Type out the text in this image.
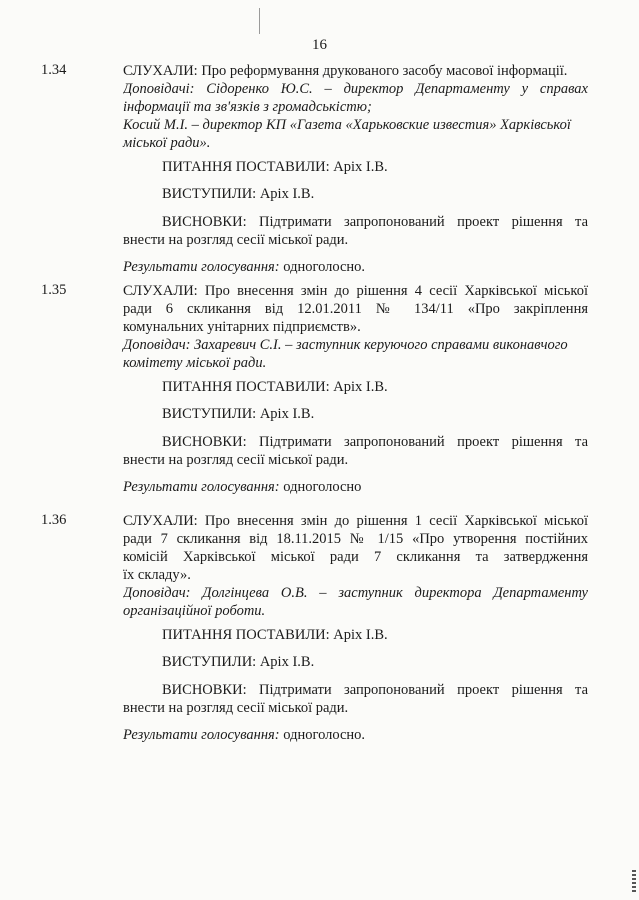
16
1.34	СЛУХАЛИ: Про реформування друкованого засобу масової інформації.
Доповідачі: Сідоренко Ю.С. – директор Департаменту у справах
інформації та зв'язків з громадськістю;
Косий М.І. – директор КП «Газета «Харьковские известия» Харківської
міської ради».
ПИТАННЯ ПОСТАВИЛИ: Аріх І.В.
ВИСТУПИЛИ: Аріх І.В.
ВИСНОВКИ: Підтримати запропонований проект рішення та
внести на розгляд сесії міської ради.
Результати голосування: одноголосно.
1.35	СЛУХАЛИ: Про внесення змін до рішення 4 сесії Харківської міської
ради 6 скликання від 12.01.2011 № 134/11 «Про закріплення
комунальних унітарних підприємств».
Доповідач: Захаревич С.І. – заступник керуючого справами виконавчого
комітету міської ради.
ПИТАННЯ ПОСТАВИЛИ: Аріх І.В.
ВИСТУПИЛИ: Аріх І.В.
ВИСНОВКИ: Підтримати запропонований проект рішення та
внести на розгляд сесії міської ради.
Результати голосування: одноголосно
1.36	СЛУХАЛИ: Про внесення змін до рішення 1 сесії Харківської міської
ради 7 скликання від 18.11.2015 № 1/15 «Про утворення постійних
комісій Харківської міської ради 7 скликання та затвердження
їх складу».
Доповідач: Долгінцева О.В. – заступник директора Департаменту
організаційної роботи.
ПИТАННЯ ПОСТАВИЛИ: Аріх І.В.
ВИСТУПИЛИ: Аріх І.В.
ВИСНОВКИ: Підтримати запропонований проект рішення та
внести на розгляд сесії міської ради.
Результати голосування: одноголосно.
